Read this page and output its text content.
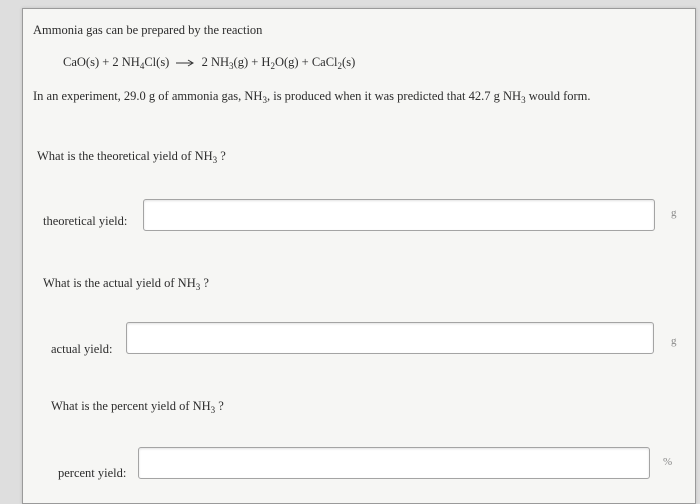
Ammonia gas can be prepared by the reaction
CaO(s) + 2 $NH_4Cl(s) \to 2$ $NH_3(g) + H_2O(g)$ + CaCl$_2$(s)
In an experiment, 29.0 g of ammonia gas, $NH_3$, is produced when it was predicted that 42.7 g $NH_3$ would form.
What is the theoretical yield of $NH_3$ ?
theoretical yield:
g
What is the actual yield of $NH_3$ ?
actual yield:
g
What is the percent yield of $NH_3$ ?
percent yield:
%
